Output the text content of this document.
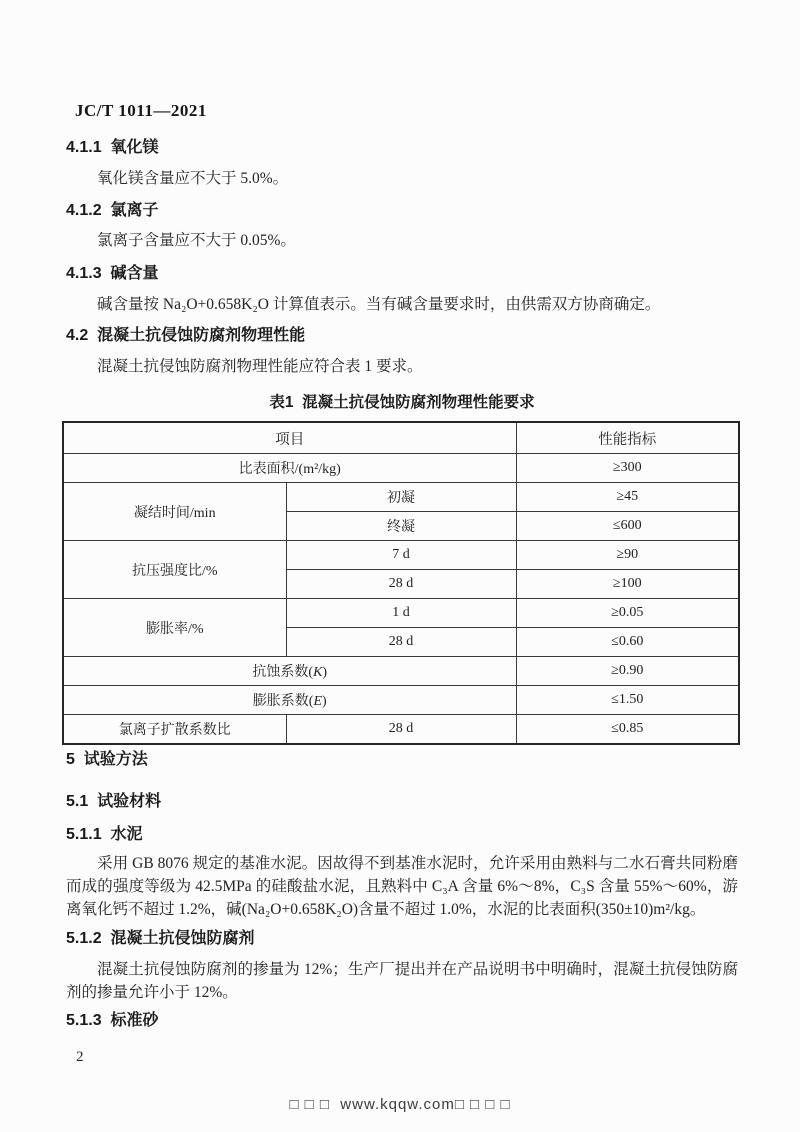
JC/T 1011—2021

4.1.1  氧化镁

氧化镁含量应不大于 5.0%。

4.1.2  氯离子

氯离子含量应不大于 0.05%。

4.1.3  碱含量

碱含量按 Na₂O+0.658K₂O 计算值表示。当有碱含量要求时，由供需双方协商确定。

4.2  混凝土抗侵蚀防腐剂物理性能

混凝土抗侵蚀防腐剂物理性能应符合表 1 要求。

表1  混凝土抗侵蚀防腐剂物理性能要求

项目		性能指标
比表面积/(m²/kg)		≥300
凝结时间/min	初凝	≥45
	终凝	≤600
抗压强度比/%	7 d	≥90
	28 d	≥100
膨胀率/%	1 d	≥0.05
	28 d	≤0.60
抗蚀系数(K)		≥0.90
膨胀系数(E)		≤1.50
氯离子扩散系数比	28 d	≤0.85

5  试验方法

5.1  试验材料

5.1.1  水泥

采用 GB 8076 规定的基准水泥。因故得不到基准水泥时，允许采用由熟料与二水石膏共同粉磨而成的强度等级为 42.5MPa 的硅酸盐水泥，且熟料中 C₃A 含量 6%～8%，C₃S 含量 55%～60%，游离氧化钙不超过 1.2%，碱(Na₂O+0.658K₂O)含量不超过 1.0%，水泥的比表面积(350±10)m²/kg。

5.1.2  混凝土抗侵蚀防腐剂

混凝土抗侵蚀防腐剂的掺量为 12%；生产厂提出并在产品说明书中明确时，混凝土抗侵蚀防腐剂的掺量允许小于 12%。

5.1.3  标准砂

2

□ □ □  www.kqqw.com□ □ □ □
